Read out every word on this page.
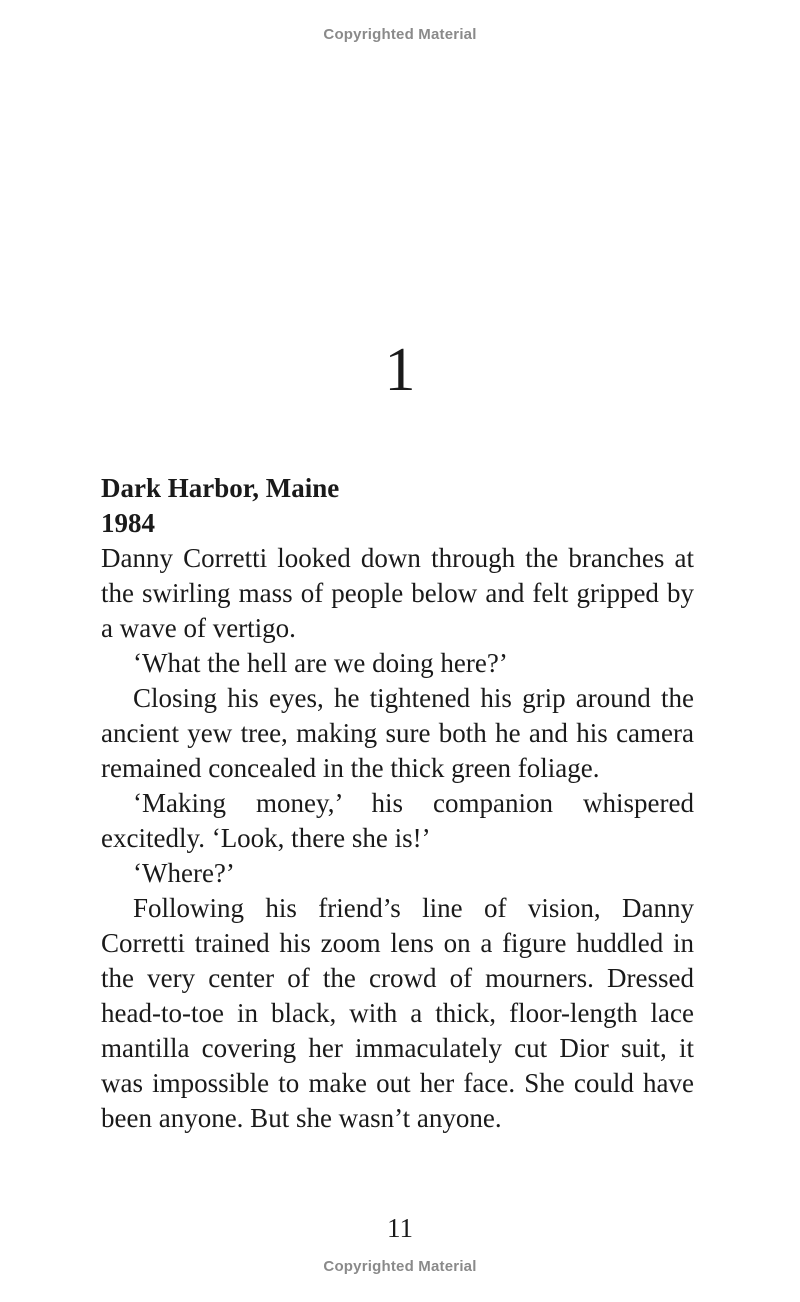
Copyrighted Material
1

Dark Harbor, Maine

1984

Danny Corretti looked down through the branches at the swirling mass of people below and felt gripped by a wave of vertigo.

‘What the hell are we doing here?’

Closing his eyes, he tightened his grip around the ancient yew tree, making sure both he and his camera remained concealed in the thick green foliage.

‘Making money,’ his companion whispered excitedly. ‘Look, there she is!’

‘Where?’

Following his friend’s line of vision, Danny Corretti trained his zoom lens on a figure huddled in the very center of the crowd of mourners. Dressed head-to-toe in black, with a thick, floor-length lace mantilla covering her immaculately cut Dior suit, it was impossible to make out her face. She could have been anyone. But she wasn’t anyone.

11
Copyrighted Material
